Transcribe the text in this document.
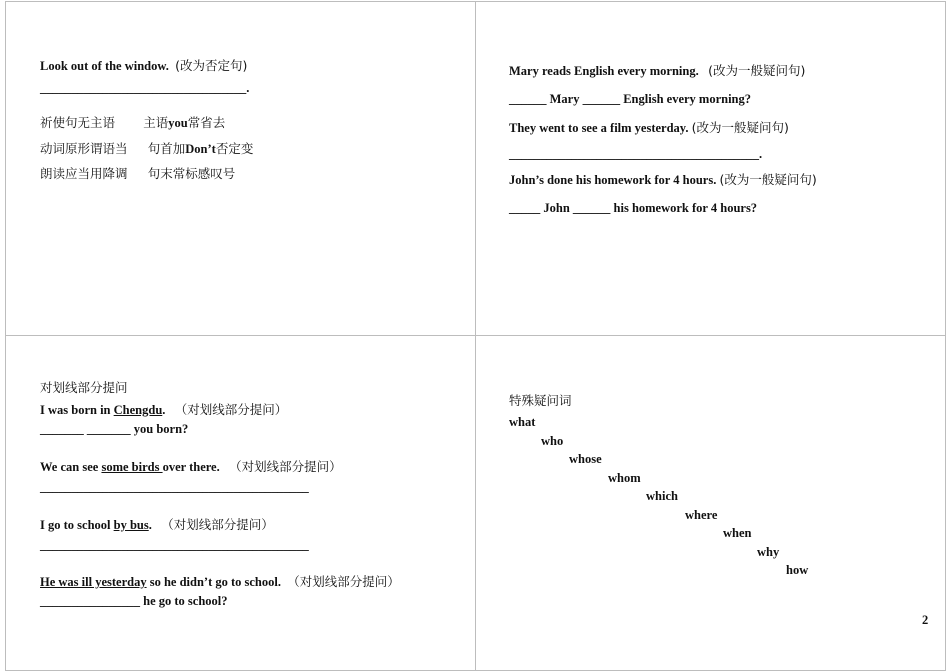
Look out of the window. (改为否定句)
_________________________________.
祈使句无主语 主语you常省去
动词原形谓语当 句首加Don’t否定变
朗读应当用降调 句末常标感叹号
Mary reads English every morning. (改为一般疑问句)
______ Mary ______ English every morning?
They went to see a film yesterday. (改为一般疑问句)
________________________________________.
John’s done his homework for 4 hours. (改为一般疑问句)
_____ John ______ his homework for 4 hours?
对划线部分提问
I was born in Chengdu. （对划线部分提问）
_______ _______ you born?
We can see some birds over there. （对划线部分提问）
___________________________________________
I go to school by bus. （对划线部分提问）
___________________________________________
He was ill yesterday so he didn’t go to school. （对划线部分提问）
________________ he go to school?
特殊疑问词
what
who
whose
whom
which
where
when
why
how
2
